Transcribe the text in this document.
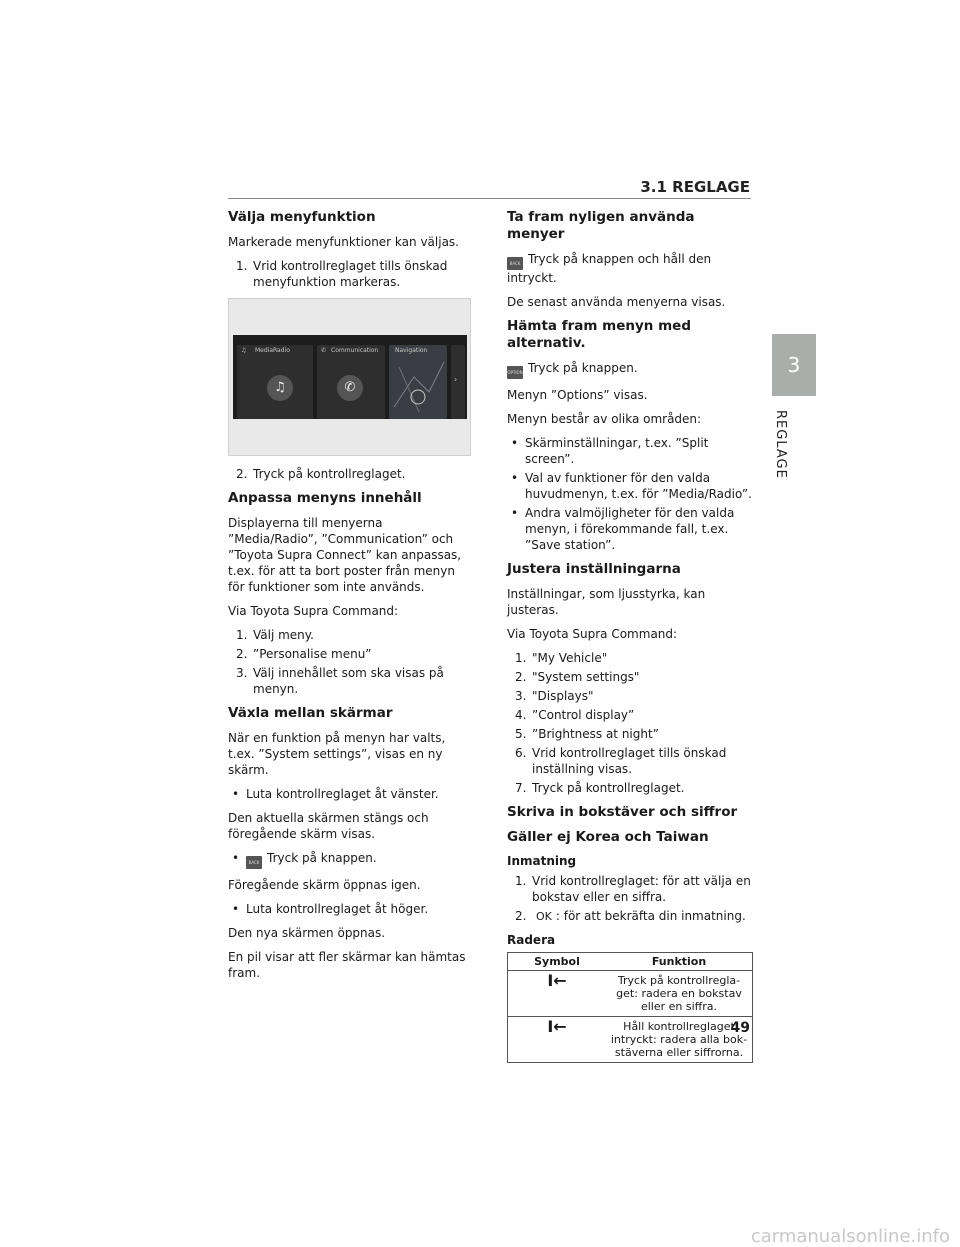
3.1 REGLAGE
Välja menyfunktion

Markerade menyfunktioner kan väljas.

1. Vrid kontrollreglaget tills önskad menyfunktion markeras.
MediaRadio
♫
♫
Communication
✆
✆
Navigation
›
2. Tryck på kontrollreglaget.
Anpassa menyns innehåll

Displayerna till menyerna ”Media/Radio”, ”Communication” och ”Toyota Supra Connect” kan anpassas, t.ex. för att ta bort poster från menyn för funktioner som inte används.

Via Toyota Supra Command:

1. Välj meny.
2. ”Personalise menu”
3. Välj innehållet som ska visas på menyn.
Växla mellan skärmar

När en funktion på menyn har valts, t.ex. ”System settings”, visas en ny skärm.

• Luta kontrollreglaget åt vänster.

Den aktuella skärmen stängs och föregående skärm visas.

• BACK Tryck på knappen.

Föregående skärm öppnas igen.

• Luta kontrollreglaget åt höger.

Den nya skärmen öppnas.

En pil visar att fler skärmar kan hämtas fram.

Ta fram nyligen använda menyer

BACK Tryck på knappen och håll den intryckt.

De senast använda menyerna visas.

Hämta fram menyn med alternativ.

OPTION Tryck på knappen.

Menyn ”Options” visas.

Menyn består av olika områden:

• Skärminställningar, t.ex. ”Split screen”.
• Val av funktioner för den valda huvudmenyn, t.ex. för ”Media/Radio”.
• Andra valmöjligheter för den valda menyn, i förekommande fall, t.ex. ”Save station”.
Justera inställningarna

Inställningar, som ljusstyrka, kan justeras.

Via Toyota Supra Command:

1. "My Vehicle"
2. "System settings"
3. "Displays"
4. ”Control display”
5. ”Brightness at night”
6. Vrid kontrollreglaget tills önskad inställning visas.
7. Tryck på kontrollreglaget.
Skriva in bokstäver och siffror
Gäller ej Korea och Taiwan
Inmatning
1. Vrid kontrollreglaget: för att välja en bokstav eller en siffra.
2. OK : för att bekräfta din inmatning.
Radera
Symbol	Funktion
I←	Tryck på kontrollregla-get: radera en bokstav eller en siffra.
I←	Håll kontrollreglaget intryckt: radera alla bok-stäverna eller siffrorna.
3
REGLAGE
49
carmanualsonline.info
